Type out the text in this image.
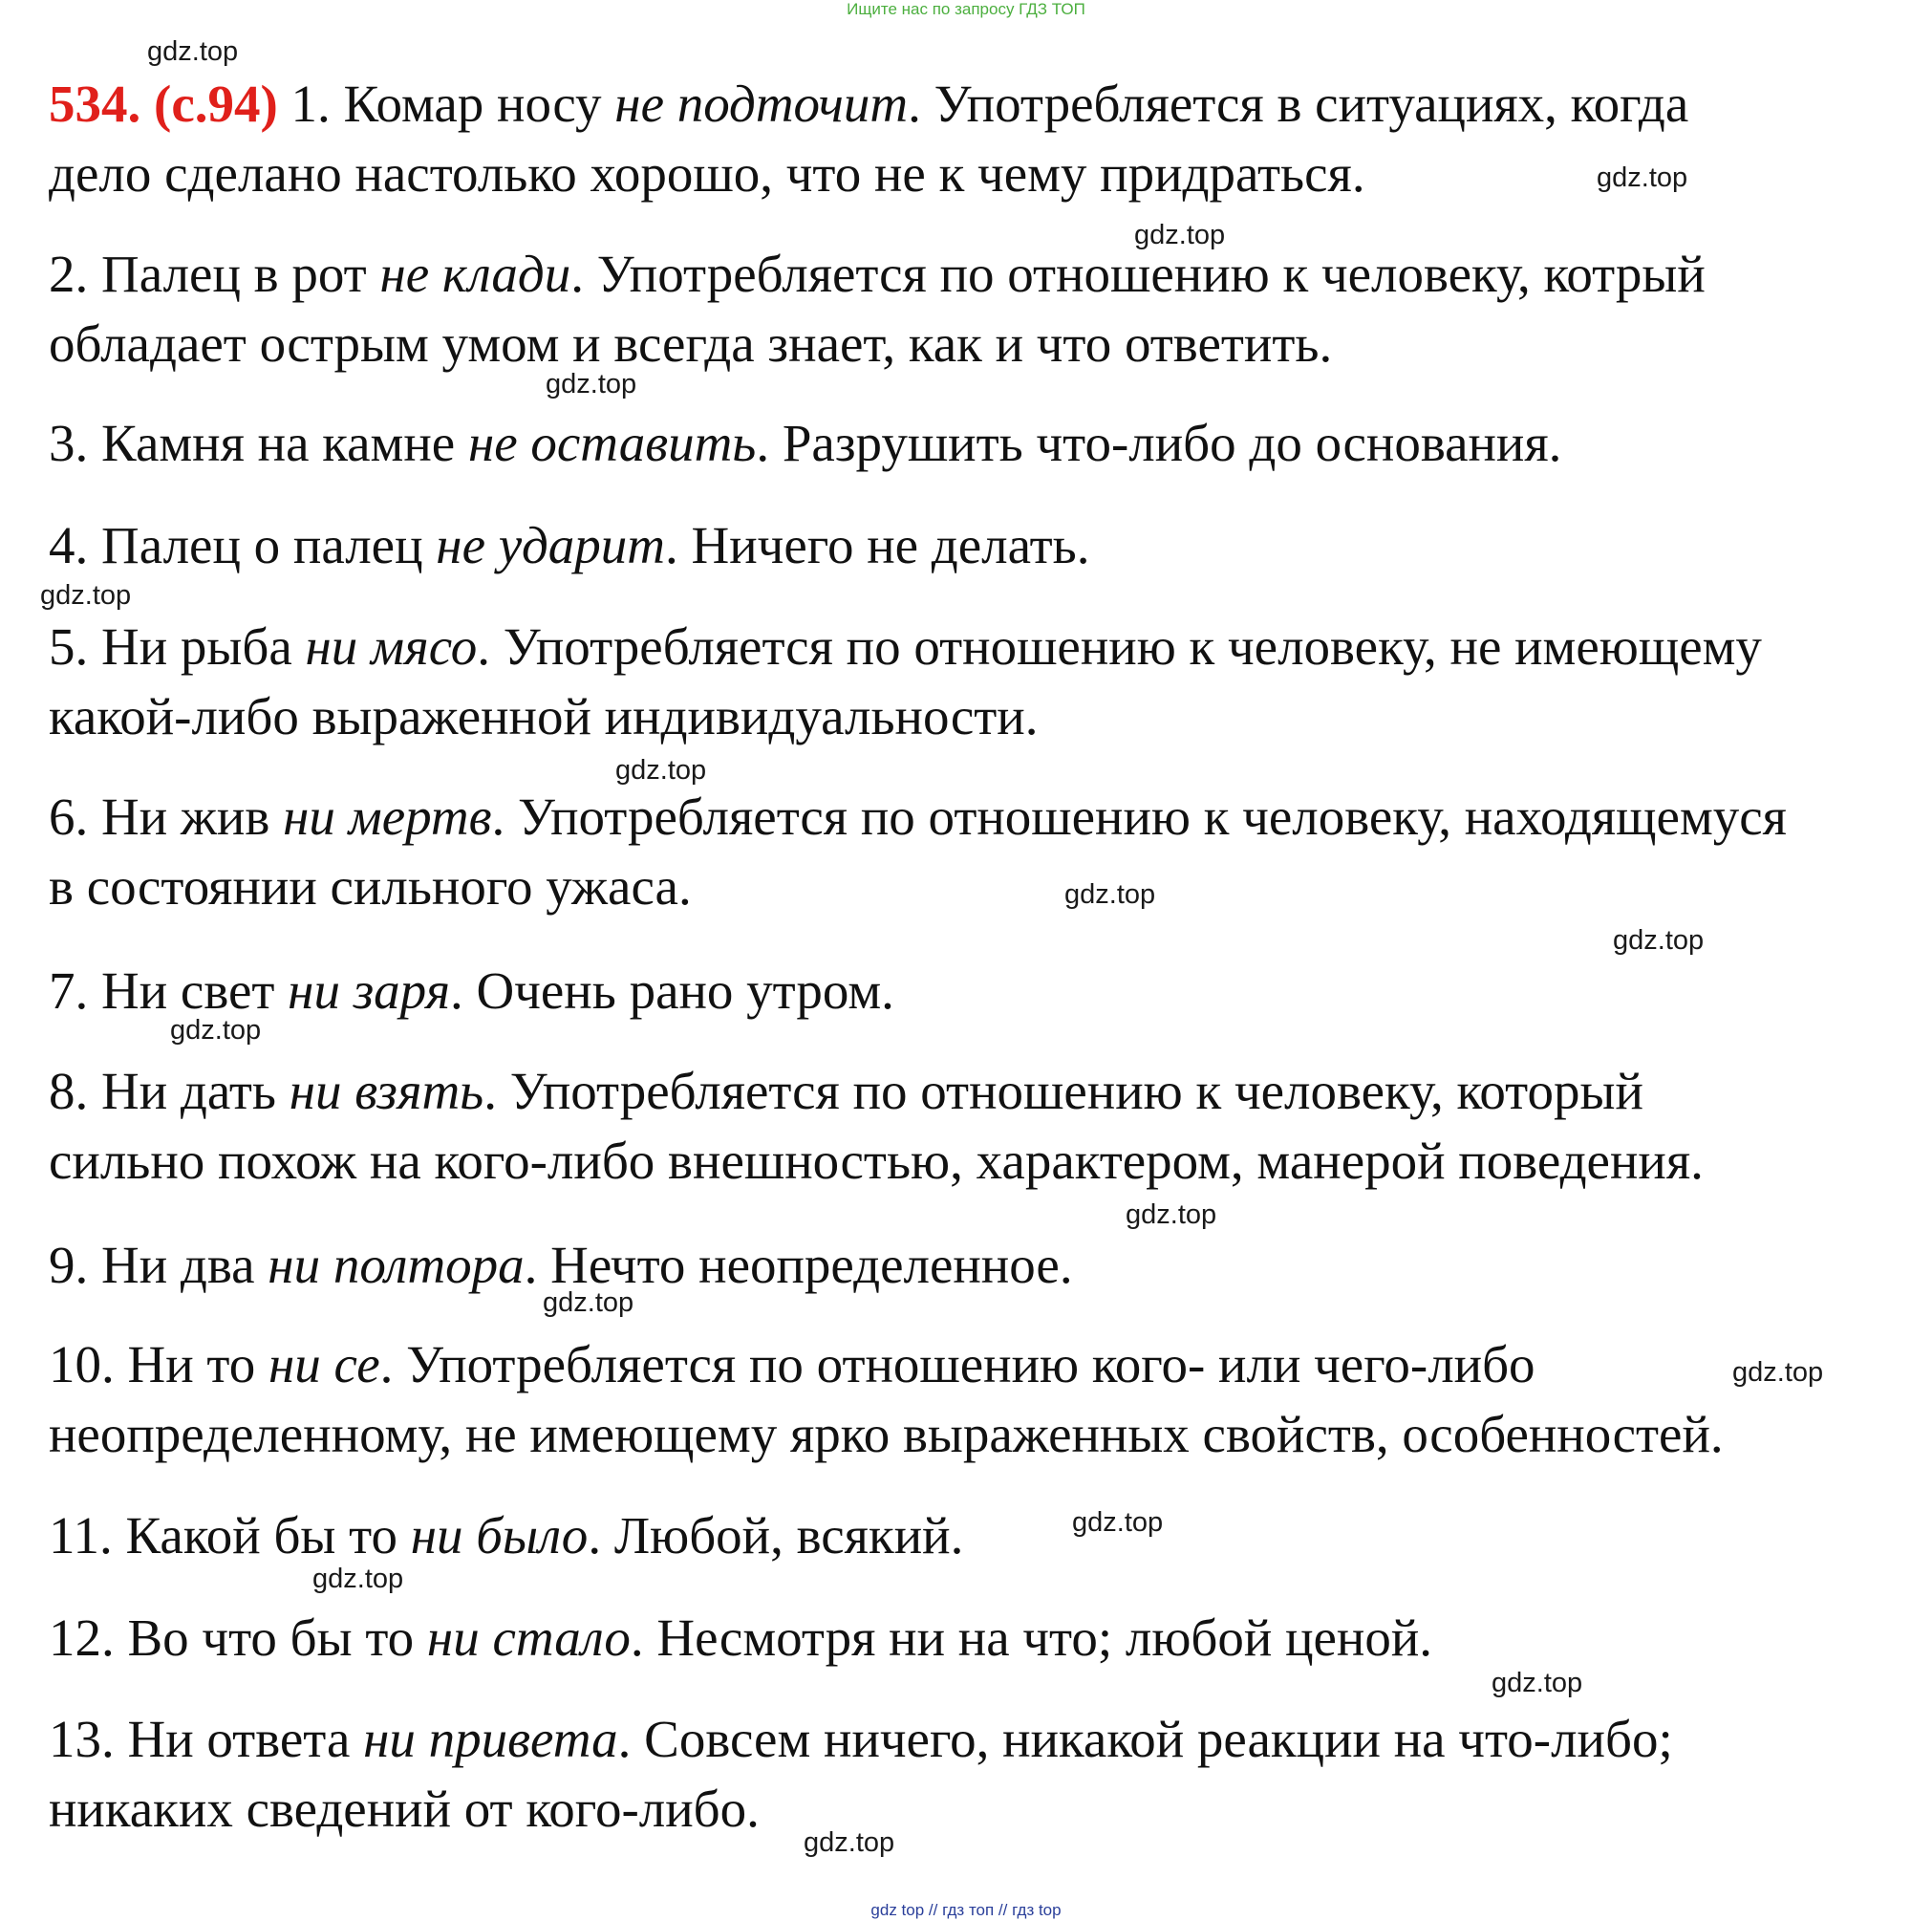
Ищите нас по запросу ГДЗ ТОП
534. (с.94) 1. Комар носу не подточит. Употребляется в ситуациях, когда
дело сделано настолько хорошо, что не к чему придраться.
2. Палец в рот не клади. Употребляется по отношению к человеку, котрый
обладает острым умом и всегда знает, как и что ответить.
3. Камня на камне не оставить. Разрушить что-либо до основания.
4. Палец о палец не ударит. Ничего не делать.
5. Ни рыба ни мясо. Употребляется по отношению к человеку, не имеющему
какой-либо выраженной индивидуальности.
6. Ни жив ни мертв. Употребляется по отношению к человеку, находящемуся
в состоянии сильного ужаса.
7. Ни свет ни заря. Очень рано утром.
8. Ни дать ни взять. Употребляется по отношению к человеку, который
сильно похож на кого-либо внешностью, характером, манерой поведения.
9. Ни два ни полтора. Нечто неопределенное.
10. Ни то ни се. Употребляется по отношению кого- или чего-либо
неопределенному, не имеющему ярко выраженных свойств, особенностей.
11. Какой бы то ни было. Любой, всякий.
12. Во что бы то ни стало. Несмотря ни на что; любой ценой.
13. Ни ответа ни привета. Совсем ничего, никакой реакции на что-либо;
никаких сведений от кого-либо.
gdz.top
gdz.top
gdz.top
gdz.top
gdz.top
gdz.top
gdz.top
gdz.top
gdz.top
gdz.top
gdz.top
gdz.top
gdz.top
gdz.top
gdz.top
gdz.top
gdz top // гдз топ // гдз top
